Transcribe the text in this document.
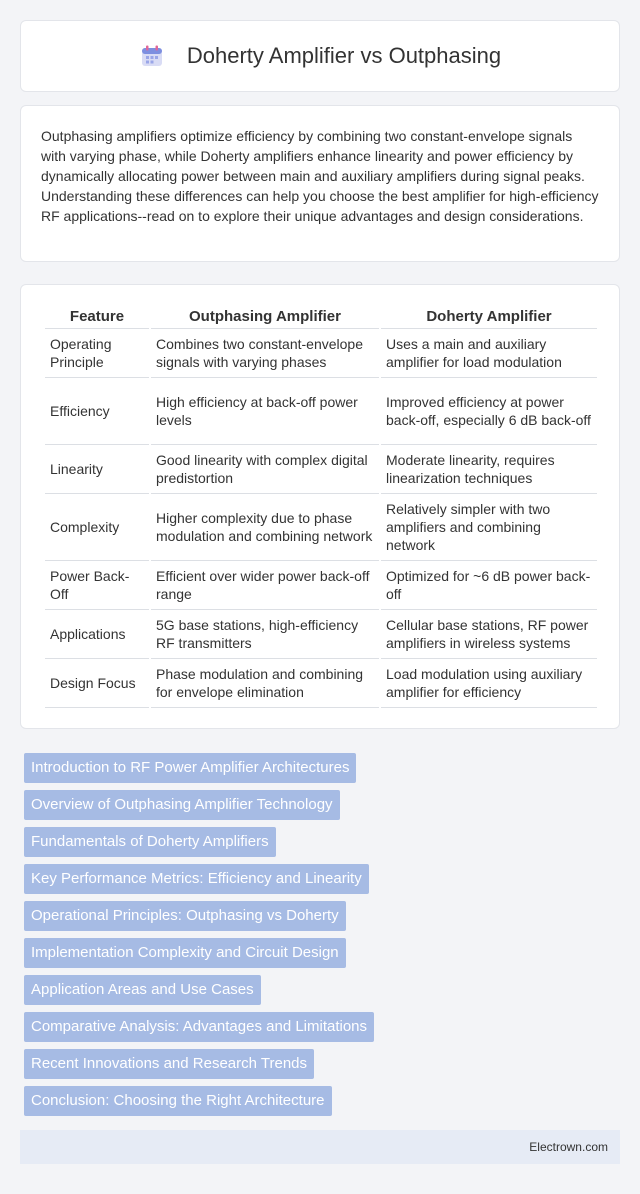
Doherty Amplifier vs Outphasing

Outphasing amplifiers optimize efficiency by combining two constant-envelope signals with varying phase, while Doherty amplifiers enhance linearity and power efficiency by dynamically allocating power between main and auxiliary amplifiers during signal peaks. Understanding these differences can help you choose the best amplifier for high-efficiency RF applications--read on to explore their unique advantages and design considerations.

Feature	Outphasing Amplifier	Doherty Amplifier
Operating Principle	Combines two constant-envelope signals with varying phases	Uses a main and auxiliary amplifier for load modulation
Efficiency	High efficiency at back-off power levels	Improved efficiency at power back-off, especially 6 dB back-off
Linearity	Good linearity with complex digital predistortion	Moderate linearity, requires linearization techniques
Complexity	Higher complexity due to phase modulation and combining network	Relatively simpler with two amplifiers and combining network
Power Back-Off	Efficient over wider power back-off range	Optimized for ~6 dB power back-off
Applications	5G base stations, high-efficiency RF transmitters	Cellular base stations, RF power amplifiers in wireless systems
Design Focus	Phase modulation and combining for envelope elimination	Load modulation using auxiliary amplifier for efficiency
Introduction to RF Power Amplifier Architectures
Overview of Outphasing Amplifier Technology
Fundamentals of Doherty Amplifiers
Key Performance Metrics: Efficiency and Linearity
Operational Principles: Outphasing vs Doherty
Implementation Complexity and Circuit Design
Application Areas and Use Cases
Comparative Analysis: Advantages and Limitations
Recent Innovations and Research Trends
Conclusion: Choosing the Right Architecture
Electrown.com
